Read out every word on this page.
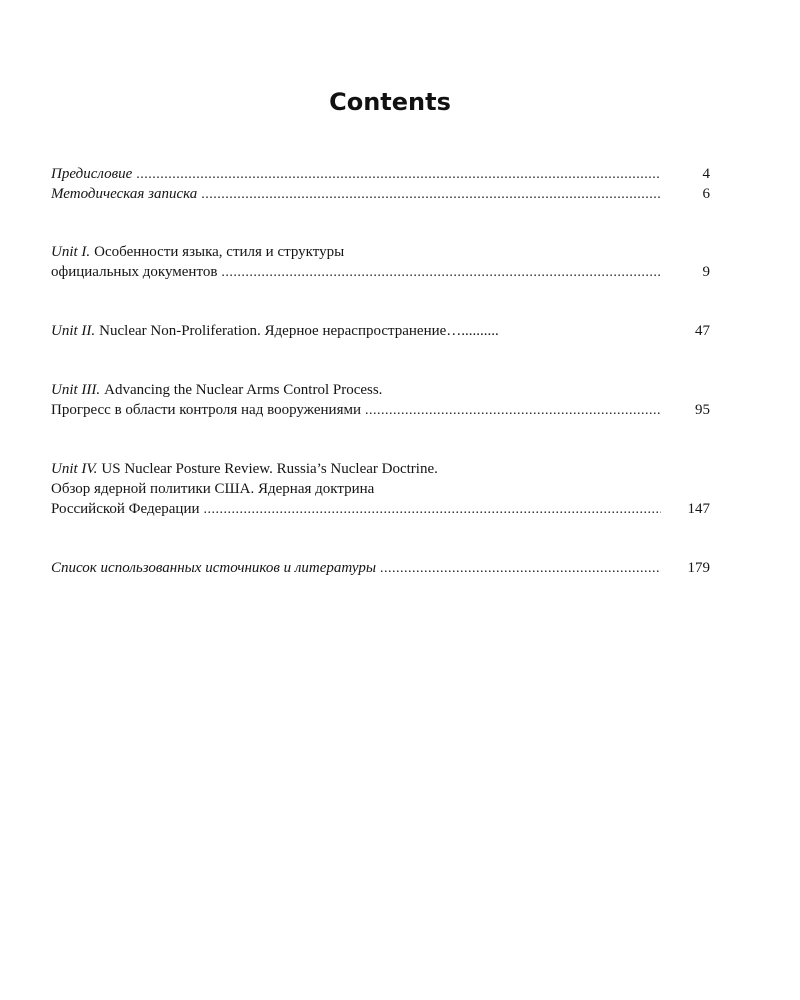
Contents
Предисловие .....	4
Методическая записка .....	6
Unit I. Особенности языка, стиля и структуры
официальных документов .....	9
Unit II. Nuclear Non-Proliferation. Ядерное нераспространение…..........	47
Unit III. Advancing the Nuclear Arms Control Process.
Прогресс в области контроля над вооружениями .....	95
Unit IV. US Nuclear Posture Review. Russia’s Nuclear Doctrine.
Обзор ядерной политики США. Ядерная доктрина
Российской Федерации .....	147
Список использованных источников и литературы .....	179
